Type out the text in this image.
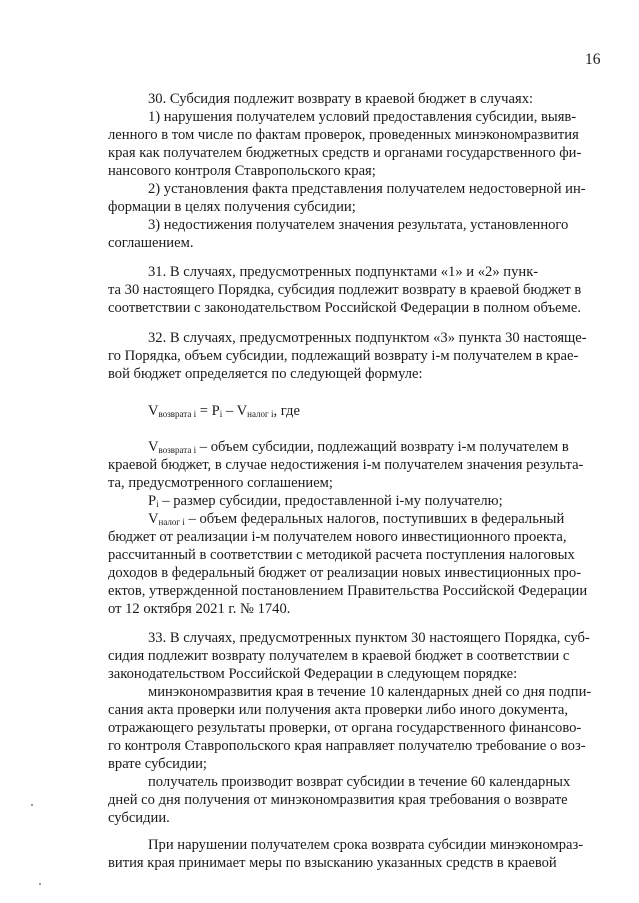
16
30. Субсидия подлежит возврату в краевой бюджет в случаях:
1) нарушения получателем условий предоставления субсидии, выяв-
ленного в том числе по фактам проверок, проведенных минэкономразвития
края как получателем бюджетных средств и органами государственного фи-
нансового контроля Ставропольского края;
2) установления факта представления получателем недостоверной ин-
формации в целях получения субсидии;
3) недостижения получателем значения результата, установленного
соглашением.
31. В случаях, предусмотренных подпунктами «1» и «2» пунк-
та 30 настоящего Порядка, субсидия подлежит возврату в краевой бюджет в
соответствии с законодательством Российской Федерации в полном объеме.
32. В случаях, предусмотренных подпунктом «3» пункта 30 настояще-
го Порядка, объем субсидии, подлежащий возврату i-м получателем в крае-
вой бюджет определяется по следующей формуле:
Vвозврата i = Pi – Vналог i, где
Vвозврата i – объем субсидии, подлежащий возврату i-м получателем в
краевой бюджет, в случае недостижения i-м получателем значения результа-
та, предусмотренного соглашением;
Pi – размер субсидии, предоставленной i-му получателю;
Vналог i – объем федеральных налогов, поступивших в федеральный
бюджет от реализации i-м получателем нового инвестиционного проекта,
рассчитанный в соответствии с методикой расчета поступления налоговых
доходов в федеральный бюджет от реализации новых инвестиционных про-
ектов, утвержденной постановлением Правительства Российской Федерации
от 12 октября 2021 г. № 1740.
33. В случаях, предусмотренных пунктом 30 настоящего Порядка, суб-
сидия подлежит возврату получателем в краевой бюджет в соответствии с
законодательством Российской Федерации в следующем порядке:
минэкономразвития края в течение 10 календарных дней со дня подпи-
сания акта проверки или получения акта проверки либо иного документа,
отражающего результаты проверки, от органа государственного финансово-
го контроля Ставропольского края направляет получателю требование о воз-
врате субсидии;
получатель производит возврат субсидии в течение 60 календарных
дней со дня получения от минэкономразвития края требования о возврате
субсидии.
При нарушении получателем срока возврата субсидии минэкономраз-
вития края принимает меры по взысканию указанных средств в краевой
